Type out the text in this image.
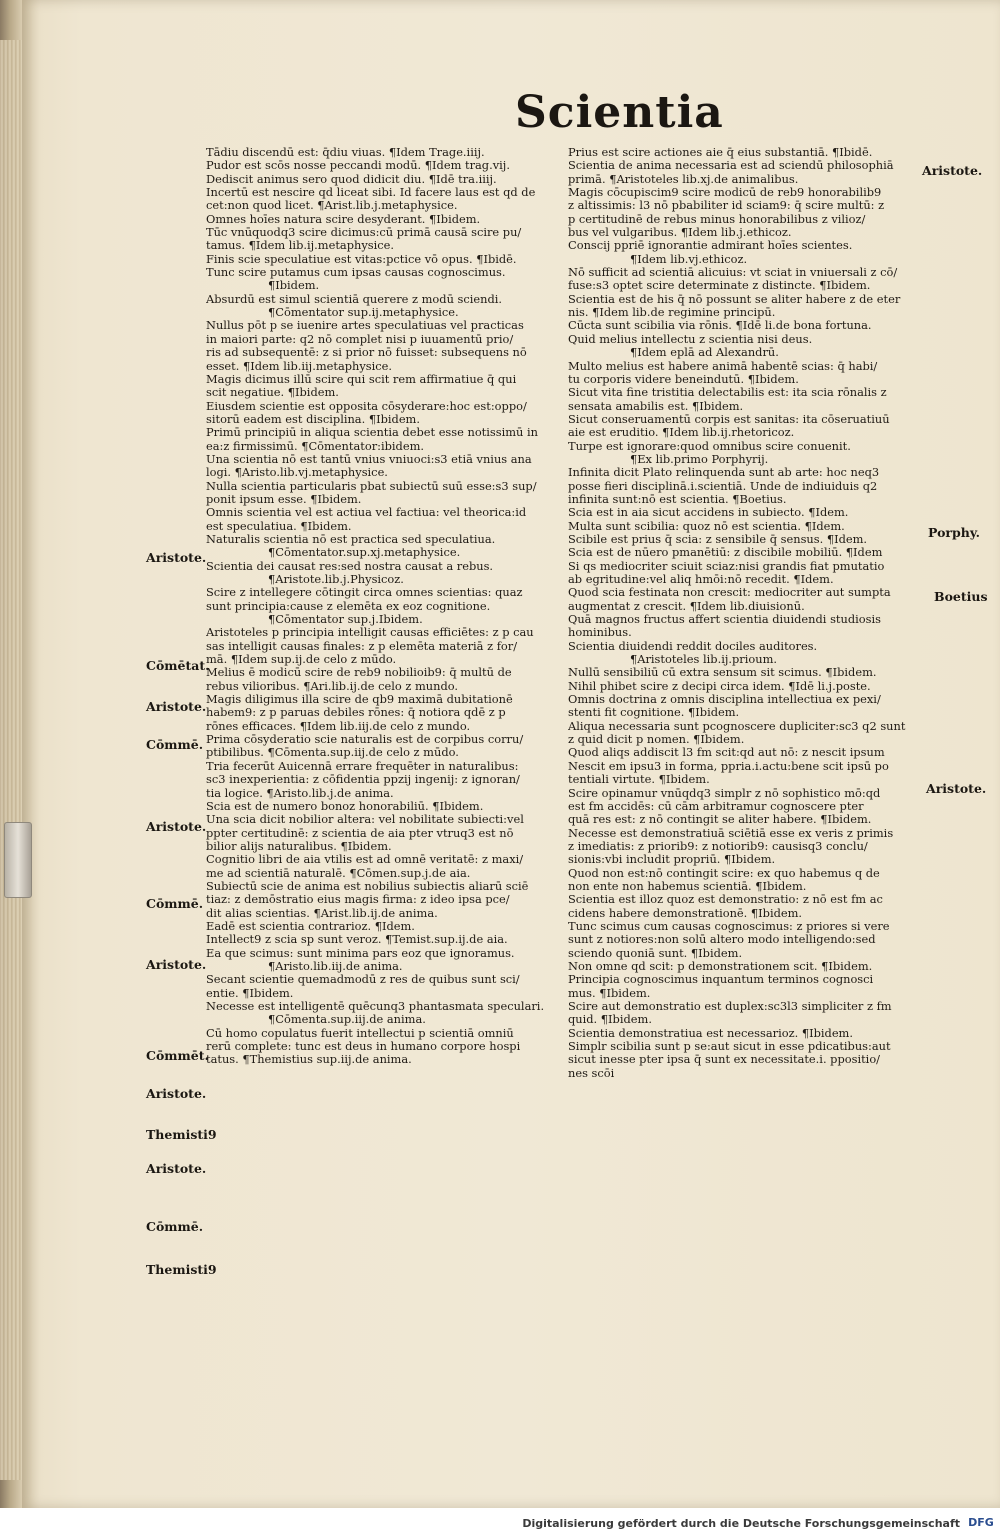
Scientia
Tādiu discendū est: q̄diu viuas. ¶Idem Trage.iiij.
Pudor est scōs nosse peccandi modū. ¶Idem trag.vij.
Dediscit animus sero quod didicit diu. ¶Idē tra.iiij.
Incertū est nescire qd liceat sibi. Id facere laus est qd de
cet:non quod licet. ¶Arist.lib.j.metaphysice.
Omnes hoīes natura scire desyderant. ¶Ibidem.
Tūc vnūquodq3 scire dicimus:cū primā causā scire pu/
tamus. ¶Idem lib.ij.metaphysice.
Finis scie speculatiue est vitas:pctice vō opus. ¶Ibidē.
Tunc scire putamus cum ipsas causas cognoscimus.
¶Ibidem.
Absurdū est simul scientiā querere z modū sciendi.
¶Cōmentator sup.ij.metaphysice.
Nullus pōt p se iuenire artes speculatiuas vel practicas
in maiori parte: q2 nō complet nisi p iuuamentū prio/
ris ad subsequentē: z si prior nō fuisset: subsequens nō
esset. ¶Idem lib.iij.metaphysice.
Magis dicimus illū scire qui scit rem affirmatiue q̄ qui
scit negatiue. ¶Ibidem.
Eiusdem scientie est opposita cōsyderare:hoc est:oppo/
sitorū eadem est disciplina. ¶Ibidem.
Primū principiū in aliqua scientia debet esse notissimū in
ea:z firmissimū. ¶Cōmentator:ibidem.
Una scientia nō est tantū vnius vniuoci:s3 etiā vnius ana
logi. ¶Aristo.lib.vj.metaphysice.
Nulla scientia particularis pbat subiectū suū esse:s3 sup/
ponit ipsum esse. ¶Ibidem.
Omnis scientia vel est actiua vel factiua: vel theorica:id
est speculatiua. ¶Ibidem.
Naturalis scientia nō est practica sed speculatiua.
¶Cōmentator.sup.xj.metaphysice.
Scientia dei causat res:sed nostra causat a rebus.
¶Aristote.lib.j.Physicoz.
Scire z intellegere cōtingit circa omnes scientias: quaz
sunt principia:cause z elemēta ex eoz cognitione.
¶Cōmentator sup.j.Ibidem.
Aristoteles p principia intelligit causas efficiētes: z p cau
sas intelligit causas finales: z p elemēta materiā z for/
mā. ¶Idem sup.ij.de celo z mūdo.
Melius ē modicū scire de reb9 nobilioib9: q̄ multū de
rebus vilioribus. ¶Ari.lib.ij.de celo z mundo.
Magis diligimus illa scire de qb9 maximā dubitationē
habem9: z p paruas debiles rōnes: q̄ notiora qdē z p
rōnes efficaces. ¶Idem lib.iij.de celo z mundo.
Prima cōsyderatio scie naturalis est de corpibus corru/
ptibilibus. ¶Cōmenta.sup.iij.de celo z mūdo.
Tria fecerūt Auicennā errare frequēter in naturalibus:
sc3 inexperientia: z cōfidentia ppzij ingenij: z ignoran/
tia logice. ¶Aristo.lib.j.de anima.
Scia est de numero bonoz honorabiliū. ¶Ibidem.
Una scia dicit nobilior altera: vel nobilitate subiecti:vel
ppter certitudinē: z scientia de aia pter vtruq3 est nō
bilior alijs naturalibus. ¶Ibidem.
Cognitio libri de aia vtilis est ad omnē veritatē: z maxi/
me ad scientiā naturalē. ¶Cōmen.sup.j.de aia.
Subiectū scie de anima est nobilius subiectis aliarū sciē
tiaz: z demōstratio eius magis firma: z ideo ipsa pce/
dit alias scientias. ¶Arist.lib.ij.de anima.
Eadē est scientia contrarioz. ¶Idem.
Intellect9 z scia sp sunt veroz. ¶Temist.sup.ij.de aia.
Ea que scimus: sunt minima pars eoz que ignoramus.
¶Aristo.lib.iij.de anima.
Secant scientie quemadmodū z res de quibus sunt sci/
entie. ¶Ibidem.
Necesse est intelligentē quēcunq3 phantasmata speculari.
¶Cōmenta.sup.iij.de anima.
Cū homo copulatus fuerit intellectui p scientiā omniū
rerū complete: tunc est deus in humano corpore hospi
tatus. ¶Themistius sup.iij.de anima.
Prius est scire actiones aie q̄ eius substantiā. ¶Ibidē.
Scientia de anima necessaria est ad sciendū philosophiā
primā. ¶Aristoteles lib.xj.de animalibus.
Magis cōcupiscim9 scire modicū de reb9 honorabilib9
z altissimis: l3 nō pbabiliter id sciam9: q̄ scire multū: z
p certitudinē de rebus minus honorabilibus z vilioz/
bus vel vulgaribus. ¶Idem lib.j.ethicoz.
Conscij ppriē ignorantie admirant hoīes scientes.
¶Idem lib.vj.ethicoz.
Nō sufficit ad scientiā alicuius: vt sciat in vniuersali z cō/
fuse:s3 optet scire determinate z distincte. ¶Ibidem.
Scientia est de his q̄ nō possunt se aliter habere z de eter
nis. ¶Idem lib.de regimine principū.
Cūcta sunt scibilia via rōnis. ¶Idē li.de bona fortuna.
Quid melius intellectu z scientia nisi deus.
¶Idem eplā ad Alexandrū.
Multo melius est habere animā habentē scias: q̄ habi/
tu corporis videre beneindutū. ¶Ibidem.
Sicut vita fine tristitia delectabilis est: ita scia rōnalis z
sensata amabilis est. ¶Ibidem.
Sicut conseruamentū corpis est sanitas: ita cōseruatiuū
aie est eruditio. ¶Idem lib.ij.rhetoricoz.
Turpe est ignorare:quod omnibus scire conuenit.
¶Ex lib.primo Porphyrij.
Infinita dicit Plato relinquenda sunt ab arte: hoc neq3
posse fieri disciplinā.i.scientiā. Unde de indiuiduis q2
infinita sunt:nō est scientia. ¶Boetius.
Scia est in aia sicut accidens in subiecto. ¶Idem.
Multa sunt scibilia: quoz nō est scientia. ¶Idem.
Scibile est prius q̄ scia: z sensibile q̄ sensus. ¶Idem.
Scia est de nūero pmanētiū: z discibile mobiliū. ¶Idem
Si qs mediocriter sciuit sciaz:nisi grandis fiat pmutatio
ab egritudine:vel aliq hmōi:nō recedit. ¶Idem.
Quod scia festinata non crescit: mediocriter aut sumpta
augmentat z crescit. ¶Idem lib.diuisionū.
Quā magnos fructus affert scientia diuidendi studiosis
hominibus.
Scientia diuidendi reddit dociles auditores.
¶Aristoteles lib.ij.prioum.
Nullū sensibiliū cū extra sensum sit scimus. ¶Ibidem.
Nihil phibet scire z decipi circa idem. ¶Idē li.j.poste.
Omnis doctrina z omnis disciplina intellectiua ex pexi/
stenti fit cognitione. ¶Ibidem.
Aliqua necessaria sunt pcognoscere dupliciter:sc3 q2 sunt
z quid dicit p nomen. ¶Ibidem.
Quod aliqs addiscit l3 fm scit:qd aut nō: z nescit ipsum
Nescit em ipsu3 in forma, ppria.i.actu:bene scit ipsū po
tentiali virtute. ¶Ibidem.
Scire opinamur vnūqdq3 simplr z nō sophistico mō:qd
est fm accidēs: cū cām arbitramur cognoscere pter
quā res est: z nō contingit se aliter habere. ¶Ibidem.
Necesse est demonstratiuā sciētiā esse ex veris z primis
z imediatis: z priorib9: z notiorib9: causisq3 conclu/
sionis:vbi includit propriū. ¶Ibidem.
Quod non est:nō contingit scire: ex quo habemus q de
non ente non habemus scientiā. ¶Ibidem.
Scientia est illoz quoz est demonstratio: z nō est fm ac
cidens habere demonstrationē. ¶Ibidem.
Tunc scimus cum causas cognoscimus: z priores si vere
sunt z notiores:non solū altero modo intelligendo:sed
sciendo quoniā sunt. ¶Ibidem.
Non omne qd scit: p demonstrationem scit. ¶Ibidem.
Principia cognoscimus inquantum terminos cognosci
mus. ¶Ibidem.
Scire aut demonstratio est duplex:sc3l3 simpliciter z fm
quid. ¶Ibidem.
Scientia demonstratiua est necessarioz. ¶Ibidem.
Simplr scibilia sunt p se:aut sicut in esse pdicatibus:aut
sicut inesse pter ipsa q̄ sunt ex necessitate.i. ppositio/
nes scōi
Aristote.
Cōmētat.
Aristote.
Cōmmē.
Aristote.
Cōmmē.
Aristote.
Cōmmēt.
Aristote.
Themisti9
Aristote.
Cōmmē.
Themisti9
Aristote.
Porphy.
Boetius
Aristote.
Digitalisierung gefördert durch die Deutsche Forschungsgemeinschaft DFG
